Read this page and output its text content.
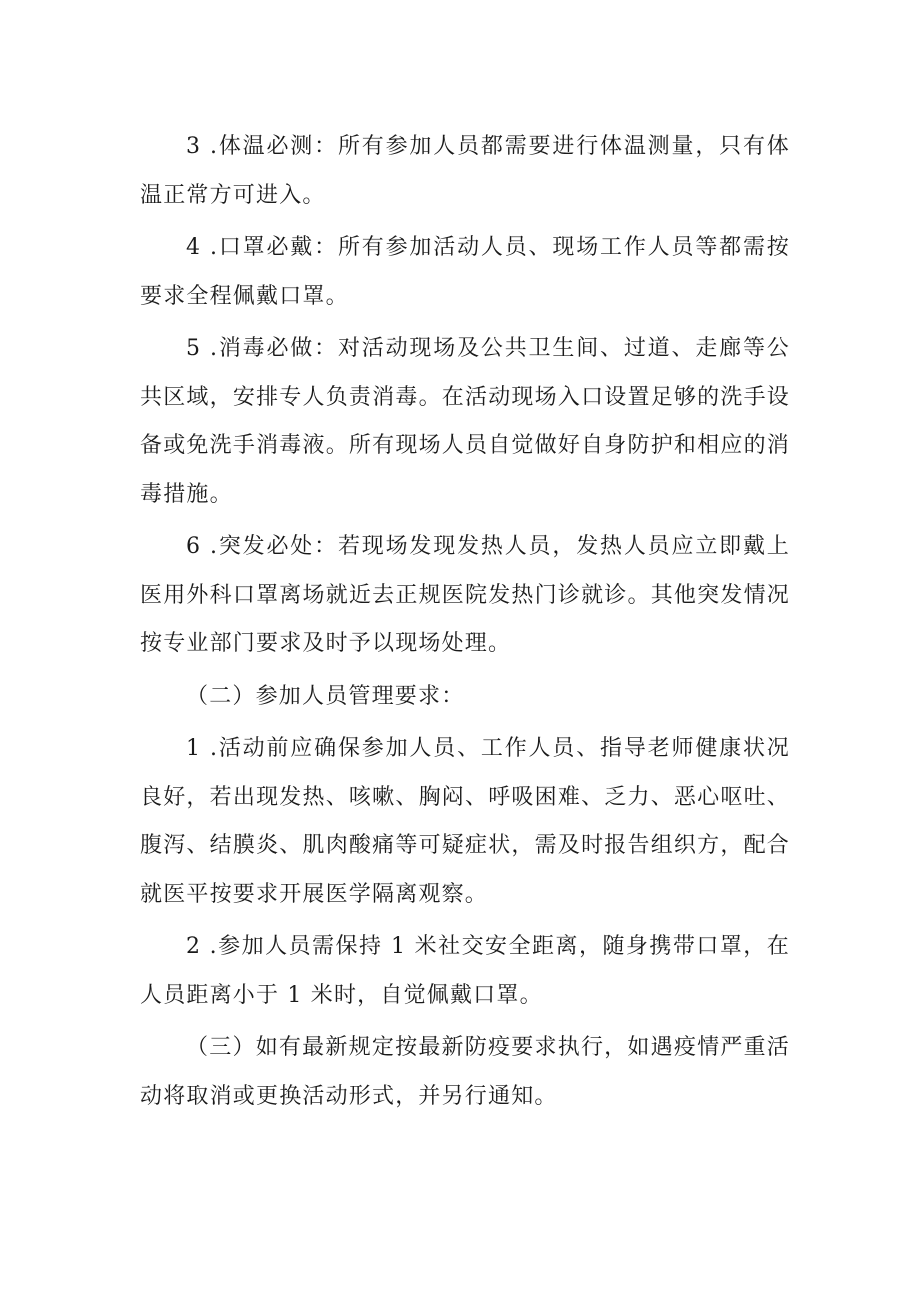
3 .体温必测：所有参加人员都需要进行体温测量，只有体温正常方可进入。

4 .口罩必戴：所有参加活动人员、现场工作人员等都需按要求全程佩戴口罩。

5 .消毒必做：对活动现场及公共卫生间、过道、走廊等公共区域，安排专人负责消毒。在活动现场入口设置足够的洗手设备或免洗手消毒液。所有现场人员自觉做好自身防护和相应的消毒措施。

6 .突发必处：若现场发现发热人员，发热人员应立即戴上医用外科口罩离场就近去正规医院发热门诊就诊。其他突发情况按专业部门要求及时予以现场处理。

（二）参加人员管理要求：

1 .活动前应确保参加人员、工作人员、指导老师健康状况良好，若出现发热、咳嗽、胸闷、呼吸困难、乏力、恶心呕吐、腹泻、结膜炎、肌肉酸痛等可疑症状，需及时报告组织方，配合就医平按要求开展医学隔离观察。

2 .参加人员需保持 1 米社交安全距离，随身携带口罩，在人员距离小于 1 米时，自觉佩戴口罩。

（三）如有最新规定按最新防疫要求执行，如遇疫情严重活动将取消或更换活动形式，并另行通知。
